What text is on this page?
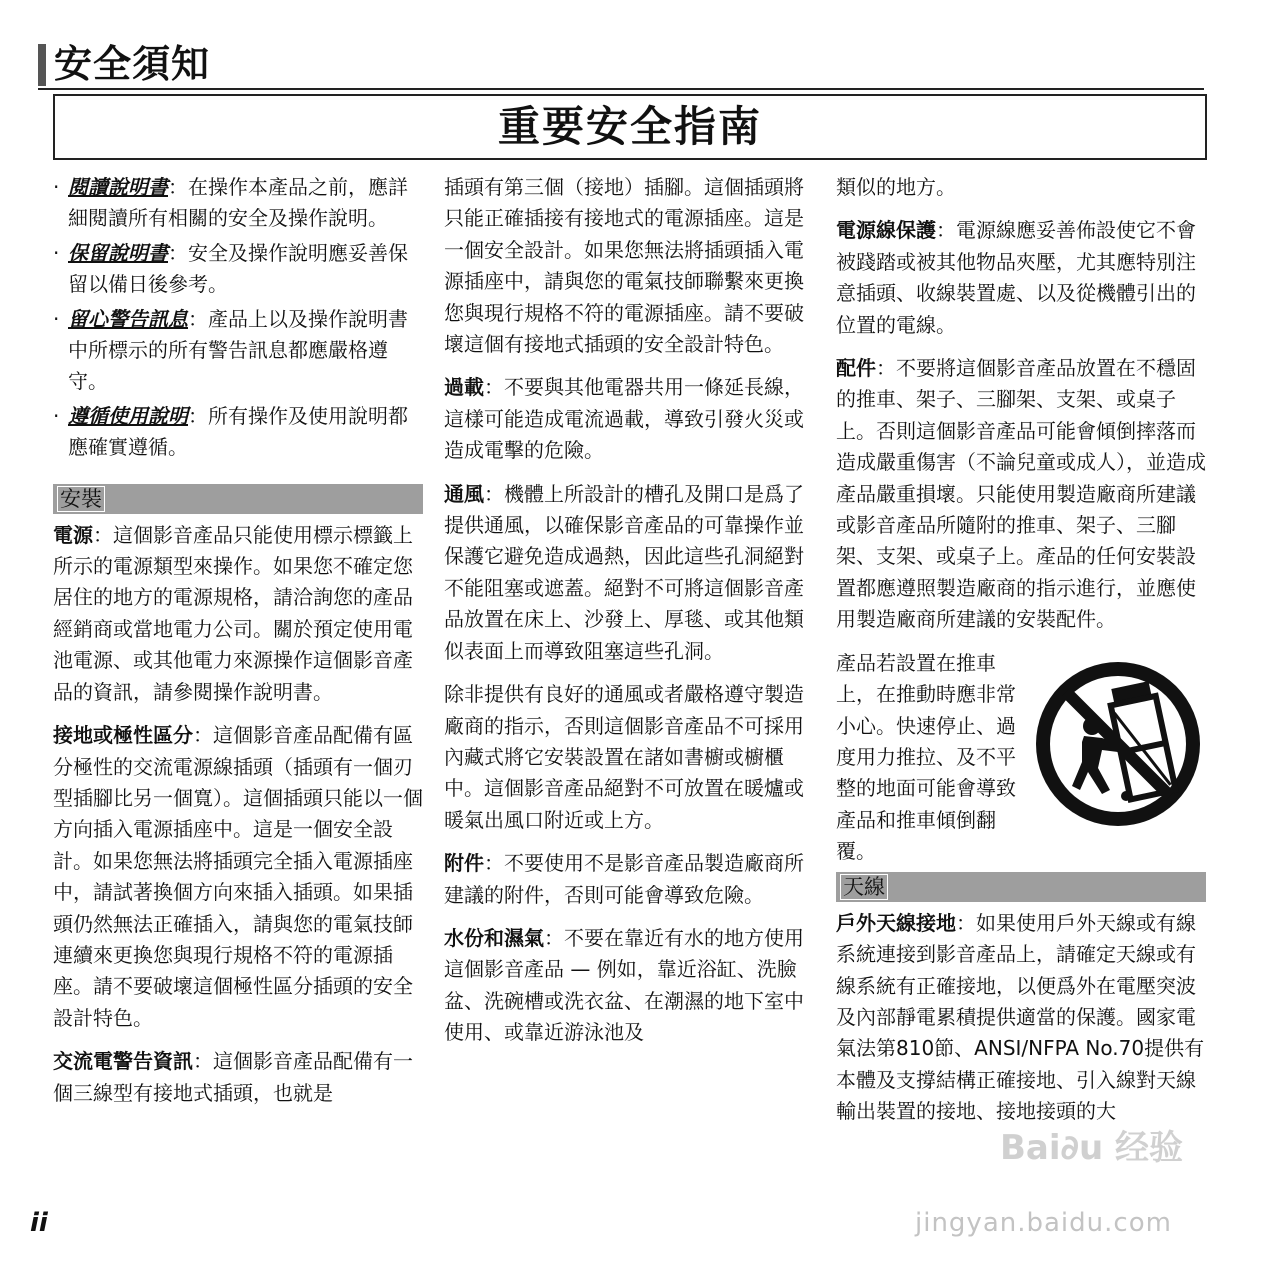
安全須知
重要安全指南
· 閱讀說明書：在操作本產品之前，應詳細閱讀所有相關的安全及操作說明。
· 保留說明書：安全及操作說明應妥善保留以備日後參考。
· 留心警告訊息：產品上以及操作說明書中所標示的所有警告訊息都應嚴格遵守。
· 遵循使用說明：所有操作及使用說明都應確實遵循。
安裝

電源：這個影音產品只能使用標示標籤上所示的電源類型來操作。如果您不確定您居住的地方的電源規格，請洽詢您的產品經銷商或當地電力公司。關於預定使用電池電源、或其他電力來源操作這個影音產品的資訊，請參閱操作說明書。

接地或極性區分：這個影音產品配備有區分極性的交流電源線插頭（插頭有一個刃型插腳比另一個寬）。這個插頭只能以一個方向插入電源插座中。這是一個安全設計。如果您無法將插頭完全插入電源插座中，請試著換個方向來插入插頭。如果插頭仍然無法正確插入，請與您的電氣技師連續來更換您與現行規格不符的電源插座。請不要破壞這個極性區分插頭的安全設計特色。

交流電警告資訊：這個影音產品配備有一個三線型有接地式插頭，也就是

插頭有第三個（接地）插腳。這個插頭將只能正確插接有接地式的電源插座。這是一個安全設計。如果您無法將插頭插入電源插座中，請與您的電氣技師聯繫來更換您與現行規格不符的電源插座。請不要破壞這個有接地式插頭的安全設計特色。

過載：不要與其他電器共用一條延長線，這樣可能造成電流過載，導致引發火災或造成電擊的危險。

通風：機體上所設計的槽孔及開口是爲了提供通風，以確保影音產品的可靠操作並保護它避免造成過熱，因此這些孔洞絕對不能阻塞或遮蓋。絕對不可將這個影音產品放置在床上、沙發上、厚毯、或其他類似表面上而導致阻塞這些孔洞。

除非提供有良好的通風或者嚴格遵守製造廠商的指示，否則這個影音產品不可採用內藏式將它安裝設置在諸如書櫥或櫥櫃中。這個影音產品絕對不可放置在暖爐或暖氣出風口附近或上方。

附件：不要使用不是影音產品製造廠商所建議的附件，否則可能會導致危險。

水份和濕氣：不要在靠近有水的地方使用這個影音產品 — 例如，靠近浴缸、洗臉盆、洗碗槽或洗衣盆、在潮濕的地下室中使用、或靠近游泳池及

類似的地方。

電源線保護：電源線應妥善佈設使它不會被踐踏或被其他物品夾壓，尤其應特別注意插頭、收線裝置處、以及從機體引出的位置的電線。

配件：不要將這個影音產品放置在不穩固的推車、架子、三腳架、支架、或桌子上。否則這個影音產品可能會傾倒摔落而造成嚴重傷害（不論兒童或成人），並造成產品嚴重損壞。只能使用製造廠商所建議或影音產品所隨附的推車、架子、三腳架、支架、或桌子上。產品的任何安裝設置都應遵照製造廠商的指示進行，並應使用製造廠商所建議的安裝配件。

產品若設置在推車上，在推動時應非常小心。快速停止、過度用力推拉、及不平整的地面可能會導致產品和推車傾倒翻覆。
天線

戶外天線接地：如果使用戶外天線或有線系統連接到影音產品上，請確定天線或有線系統有正確接地，以便爲外在電壓突波及內部靜電累積提供適當的保護。國家電氣法第810節、ANSI/NFPA No.70提供有本體及支撐結構正確接地、引入線對天線輸出裝置的接地、接地接頭的大

ii
Bai∂u 经验
jingyan.baidu.com
